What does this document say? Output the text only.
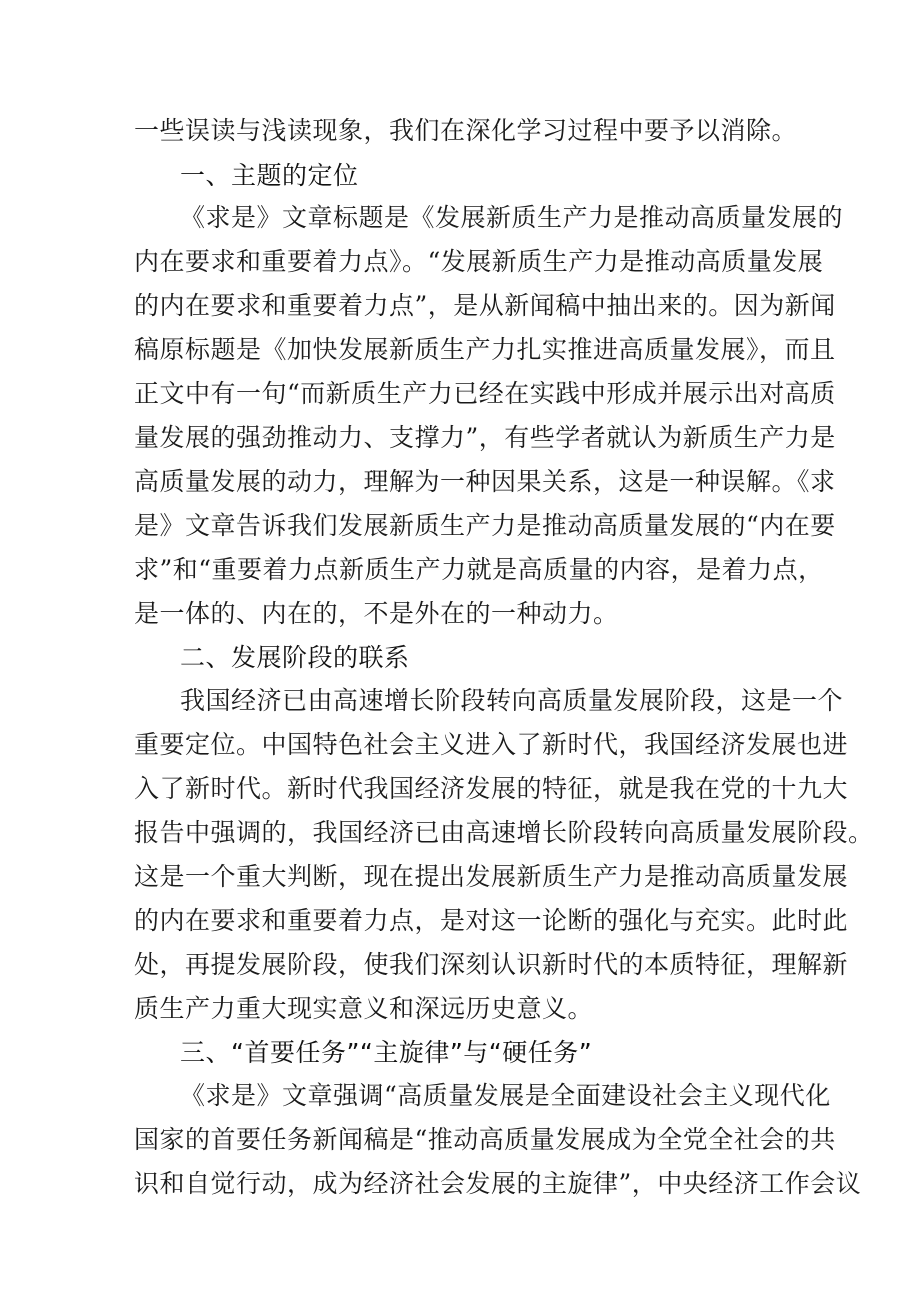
一些误读与浅读现象，我们在深化学习过程中要予以消除。
一、主题的定位
《求是》文章标题是《发展新质生产力是推动高质量发展的
内在要求和重要着力点》。“发展新质生产力是推动高质量发展
的内在要求和重要着力点”，是从新闻稿中抽出来的。因为新闻
稿原标题是《加快发展新质生产力扎实推进高质量发展》，而且
正文中有一句“而新质生产力已经在实践中形成并展示出对高质
量发展的强劲推动力、支撑力”，有些学者就认为新质生产力是
高质量发展的动力，理解为一种因果关系，这是一种误解。《求
是》文章告诉我们发展新质生产力是推动高质量发展的“内在要
求”和“重要着力点新质生产力就是高质量的内容，是着力点，
是一体的、内在的，不是外在的一种动力。
二、发展阶段的联系
我国经济已由高速增长阶段转向高质量发展阶段，这是一个
重要定位。中国特色社会主义进入了新时代，我国经济发展也进
入了新时代。新时代我国经济发展的特征，就是我在党的十九大
报告中强调的，我国经济已由高速增长阶段转向高质量发展阶段。
这是一个重大判断，现在提出发展新质生产力是推动高质量发展
的内在要求和重要着力点，是对这一论断的强化与充实。此时此
处，再提发展阶段，使我们深刻认识新时代的本质特征，理解新
质生产力重大现实意义和深远历史意义。
三、“首要任务”“主旋律”与“硬任务”
《求是》文章强调“高质量发展是全面建设社会主义现代化
国家的首要任务新闻稿是“推动高质量发展成为全党全社会的共
识和自觉行动，成为经济社会发展的主旋律”，中央经济工作会议
